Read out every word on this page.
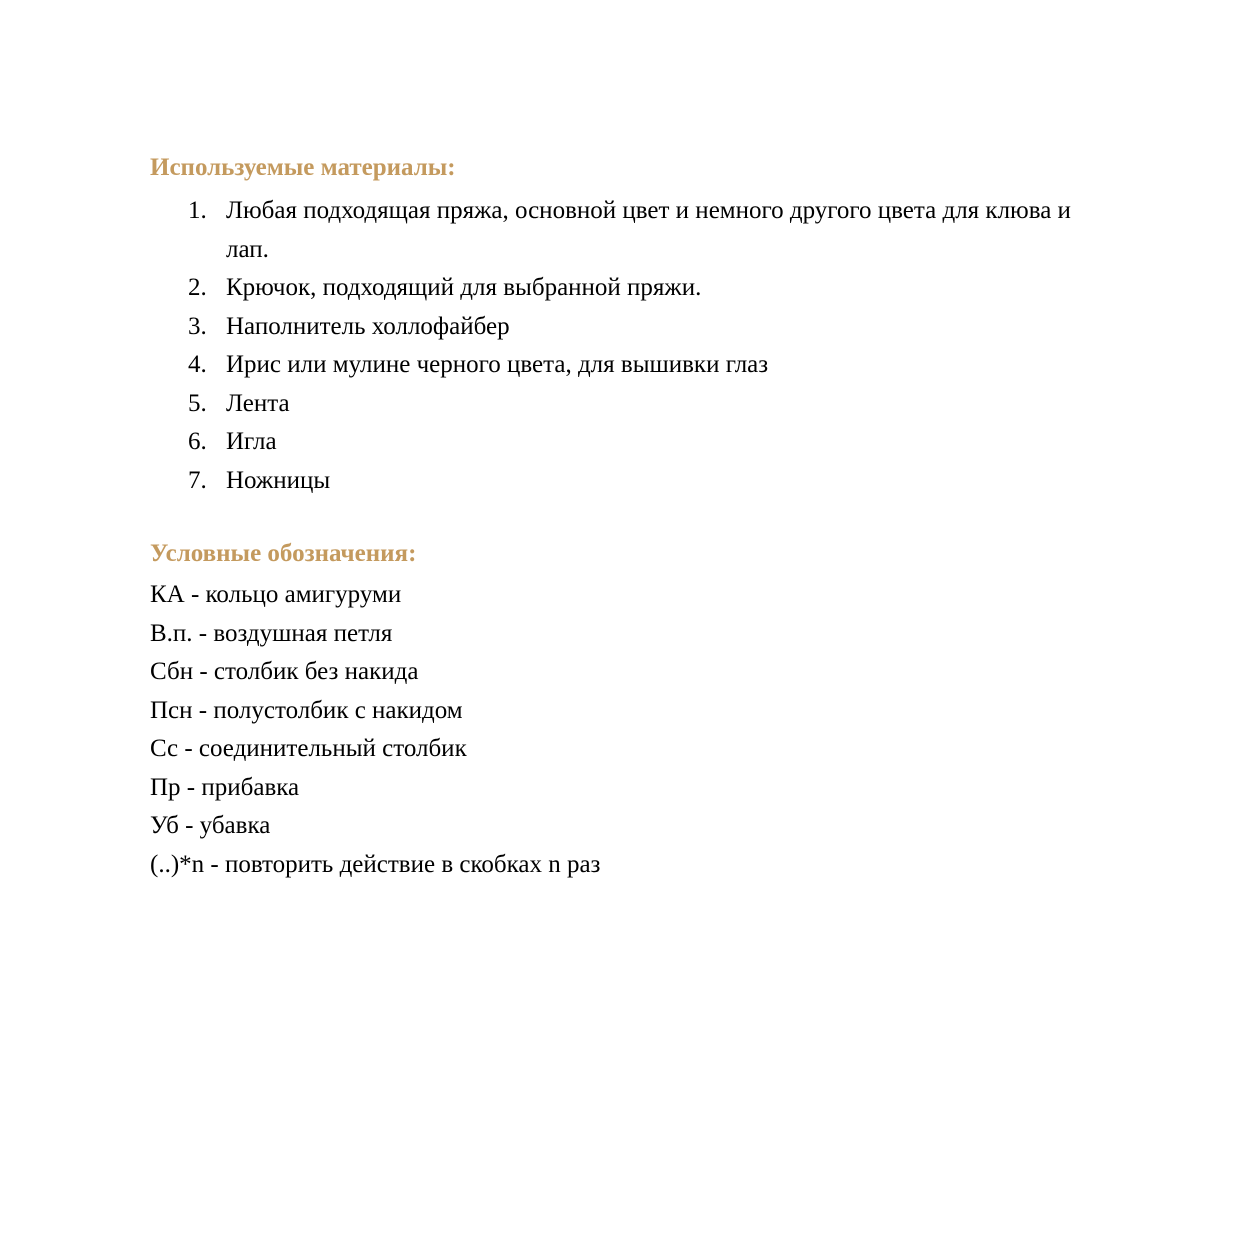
Используемые материалы:
1. Любая подходящая пряжа, основной цвет и немного другого цвета для клюва и лап.
2. Крючок, подходящий для выбранной пряжи.
3. Наполнитель холлофайбер
4. Ирис или мулине черного цвета, для вышивки глаз
5. Лента
6. Игла
7. Ножницы
Условные обозначения:
КА - кольцо амигуруми
В.п. - воздушная петля
Сбн - столбик без накида
Псн - полустолбик с накидом
Сс - соединительный столбик
Пр - прибавка
Уб - убавка
(..)*n - повторить действие в скобках n раз
